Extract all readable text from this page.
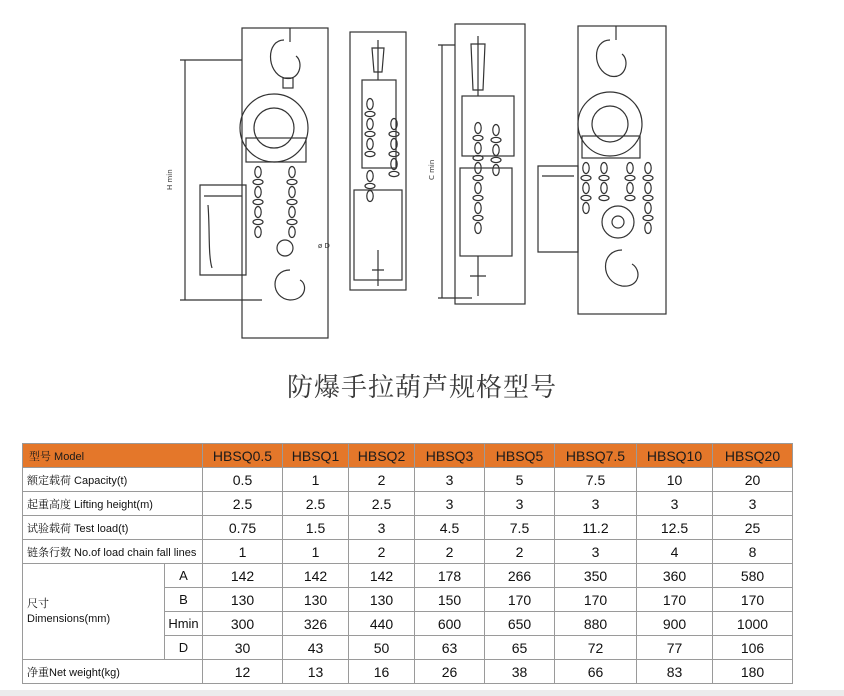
H min
ø D
C min
防爆手拉葫芦规格型号
型号 Model		HBSQ0.5	HBSQ1	HBSQ2	HBSQ3	HBSQ5	HBSQ7.5	HBSQ10	HBSQ20
额定载荷 Capacity(t)		0.5	1	2	3	5	7.5	10	20
起重高度 Lifting height(m)		2.5	2.5	2.5	3	3	3	3	3
试验载荷 Test load(t)		0.75	1.5	3	4.5	7.5	11.2	12.5	25
链条行数 No.of load chain fall lines		1	1	2	2	2	3	4	8

尺寸
Dimensions(mm)	A	142	142	142	178	266	350	360	580
	B	130	130	130	150	170	170	170	170
	Hmin	300	326	440	600	650	880	900	1000
	D	30	43	50	63	65	72	77	106
净重Net weight(kg)		12	13	16	26	38	66	83	180
